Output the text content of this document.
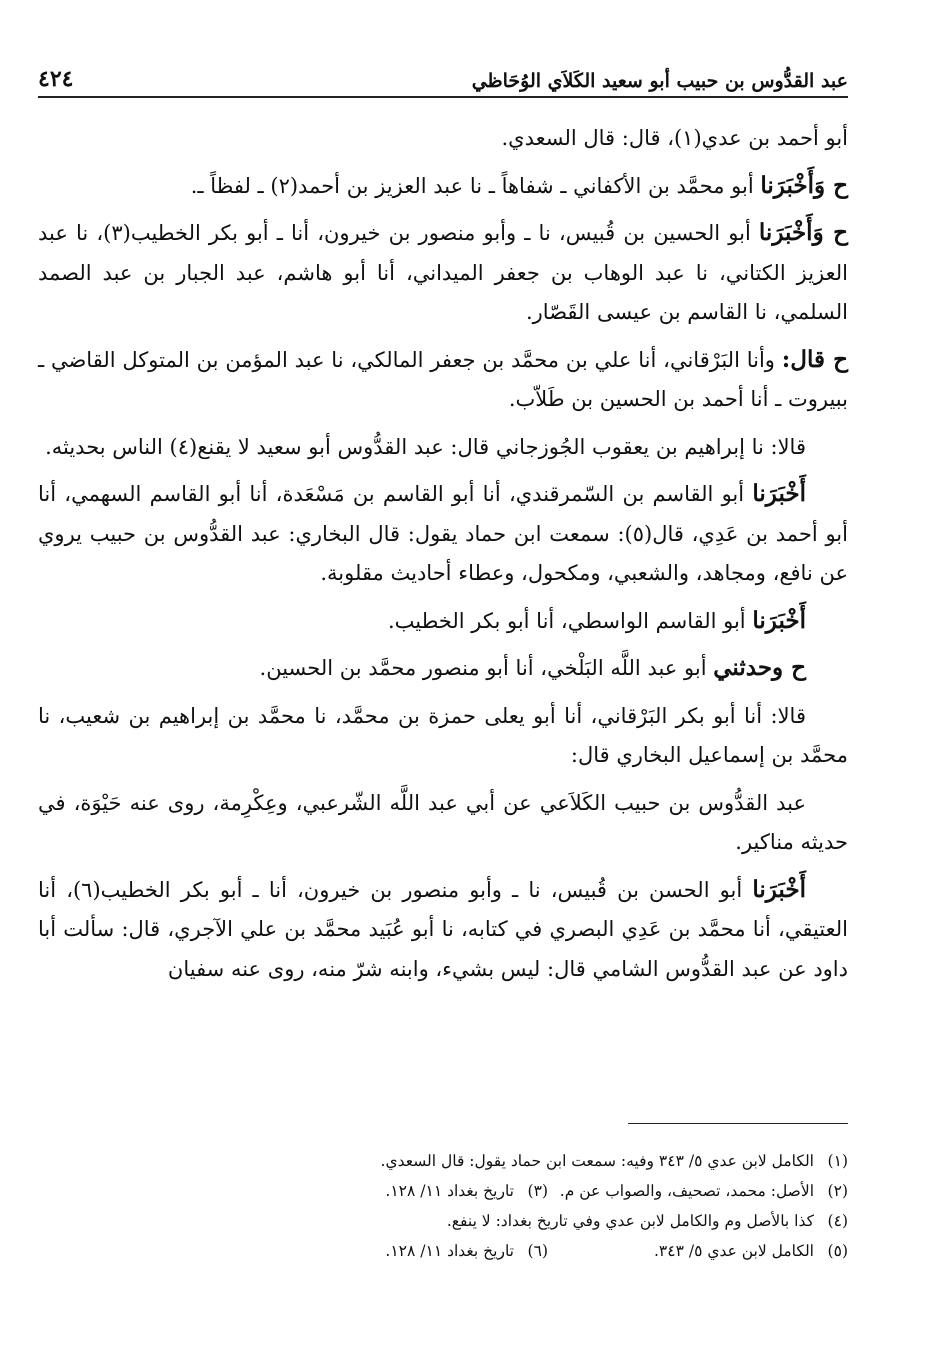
عبد القدُّوس بن حبيب أبو سعيد الكَلاَي الوُحَاظي
٤٢٤

أبو أحمد بن عدي(١)، قال: قال السعدي.

ح وَأَخْبَرَنا أبو محمَّد بن الأكفاني ـ شفاهاً ـ نا عبد العزيز بن أحمد(٢) ـ لفظاً ـ.

ح وَأَخْبَرَنا أبو الحسين بن قُبيس، نا ـ وأبو منصور بن خيرون، أنا ـ أبو بكر الخطيب(٣)، نا عبد العزيز الكتاني، نا عبد الوهاب بن جعفر الميداني، أنا أبو هاشم، عبد الجبار بن عبد الصمد السلمي، نا القاسم بن عيسى القَصّار.

ح قال: وأنا البَرْقاني، أنا علي بن محمَّد بن جعفر المالكي، نا عبد المؤمن بن المتوكل القاضي ـ ببيروت ـ أنا أحمد بن الحسين بن طَلاّب.

قالا: نا إبراهيم بن يعقوب الجُوزجاني قال: عبد القدُّوس أبو سعيد لا يقنع(٤) الناس بحديثه.

أَخْبَرَنا أبو القاسم بن السّمرقندي، أنا أبو القاسم بن مَسْعَدة، أنا أبو القاسم السهمي، أنا أبو أحمد بن عَدِي، قال(٥): سمعت ابن حماد يقول: قال البخاري: عبد القدُّوس بن حبيب يروي عن نافع، ومجاهد، والشعبي، ومكحول، وعطاء أحاديث مقلوبة.

أَخْبَرَنا أبو القاسم الواسطي، أنا أبو بكر الخطيب.

ح وحدثني أبو عبد اللَّه البَلْخي، أنا أبو منصور محمَّد بن الحسين.

قالا: أنا أبو بكر البَرْقاني، أنا أبو يعلى حمزة بن محمَّد، نا محمَّد بن إبراهيم بن شعيب، نا محمَّد بن إسماعيل البخاري قال:

عبد القدُّوس بن حبيب الكَلاَعي عن أبي عبد اللَّه الشّرعبي، وعِكْرِمة، روى عنه حَيْوَة، في حديثه مناكير.

أَخْبَرَنا أبو الحسن بن قُبيس، نا ـ وأبو منصور بن خيرون، أنا ـ أبو بكر الخطيب(٦)، أنا العتيقي، أنا محمَّد بن عَدِي البصري في كتابه، نا أبو عُبَيد محمَّد بن علي الآجري، قال: سألت أبا داود عن عبد القدُّوس الشامي قال: ليس بشيء، وابنه شرّ منه، روى عنه سفيان

(١)
الكامل لابن عدي ٥/ ٣٤٣ وفيه: سمعت ابن حماد يقول: قال السعدي.
(٢)
الأصل: محمد، تصحيف، والصواب عن م.
(٣)
تاريخ بغداد ١١/ ١٢٨.
(٤)
كذا بالأصل وم والكامل لابن عدي وفي تاريخ بغداد: لا ينفع.
(٥)
الكامل لابن عدي ٥/ ٣٤٣.
(٦)
تاريخ بغداد ١١/ ١٢٨.
